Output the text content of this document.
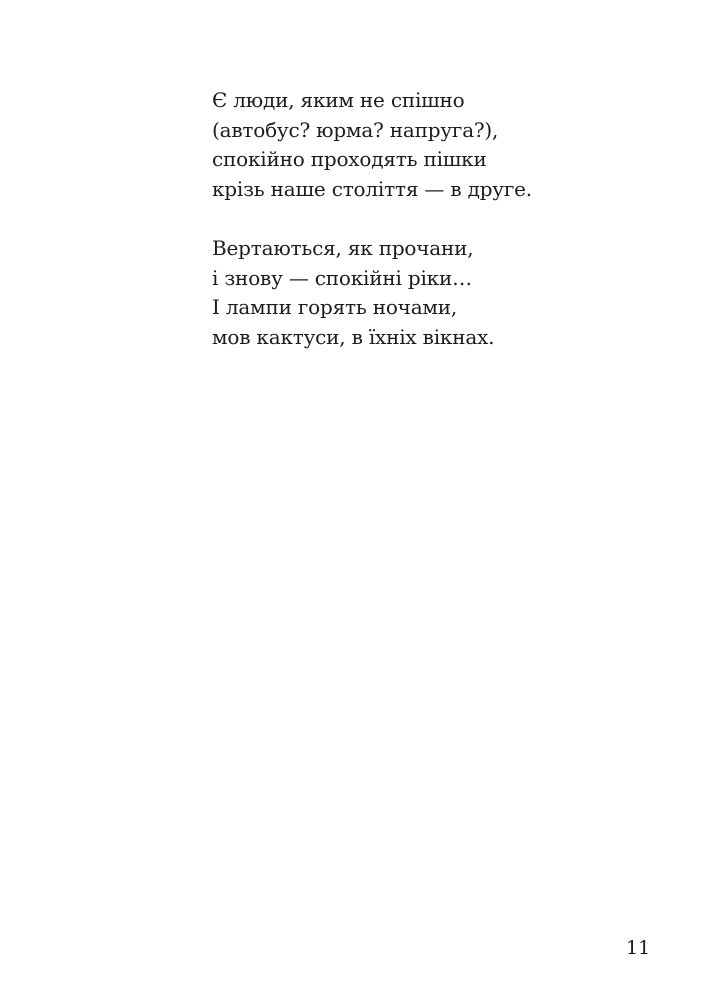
Є люди, яким не спішно
(автобус? юрма? напруга?),
спокійно проходять пішки
крізь наше століття — в друге.
Вертаються, як прочани,
і знову — спокійні ріки…
І лампи горять ночами,
мов кактуси, в їхніх вікнах.
11
